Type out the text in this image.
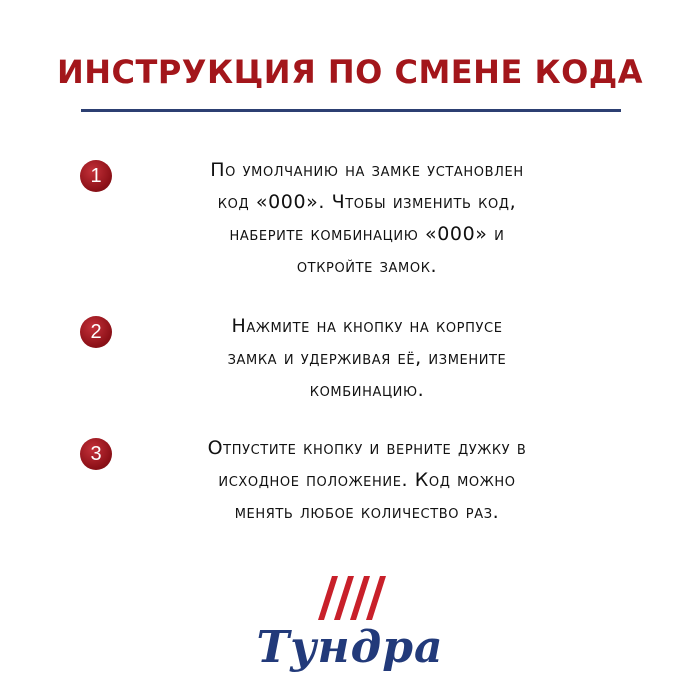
ИНСТРУКЦИЯ ПО СМЕНЕ КОДА
1	По умолчанию на замке установлен
код «000». Чтобы изменить код,
наберите комбинацию «000» и
откройте замок.
2	Нажмите на кнопку на корпусе
замка и удерживая её, измените
комбинацию.
3	Отпустите кнопку и верните дужку в
исходное положение. Код можно
менять любое количество раз.
Тундра
